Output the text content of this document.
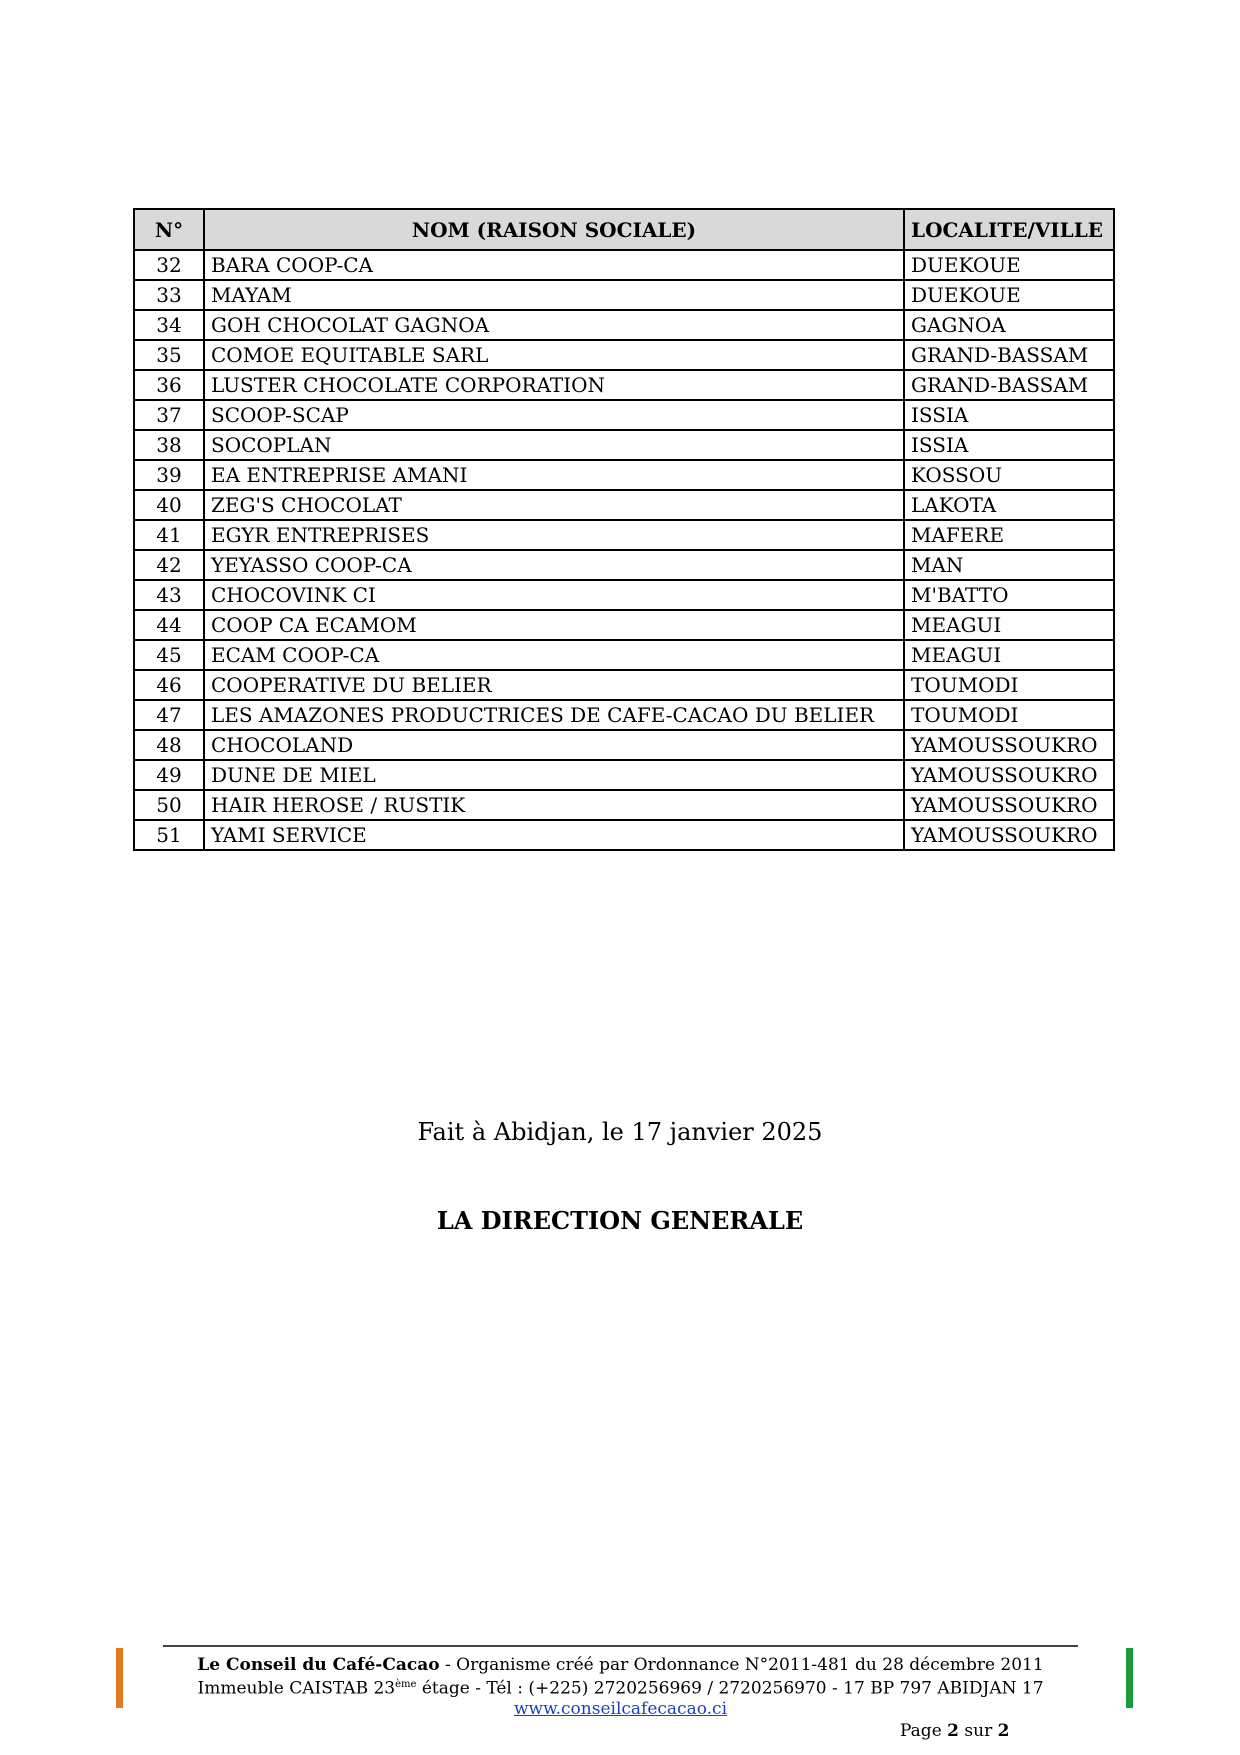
N°	NOM (RAISON SOCIALE)	LOCALITE/VILLE
32	BARA COOP-CA	DUEKOUE
33	MAYAM	DUEKOUE
34	GOH CHOCOLAT GAGNOA	GAGNOA
35	COMOE EQUITABLE SARL	GRAND-BASSAM
36	LUSTER CHOCOLATE CORPORATION	GRAND-BASSAM
37	SCOOP-SCAP	ISSIA
38	SOCOPLAN	ISSIA
39	EA ENTREPRISE AMANI	KOSSOU
40	ZEG'S CHOCOLAT	LAKOTA
41	EGYR ENTREPRISES	MAFERE
42	YEYASSO COOP-CA	MAN
43	CHOCOVINK CI	M'BATTO
44	COOP CA ECAMOM	MEAGUI
45	ECAM COOP-CA	MEAGUI
46	COOPERATIVE DU BELIER	TOUMODI
47	LES AMAZONES PRODUCTRICES DE CAFE-CACAO DU BELIER	TOUMODI
48	CHOCOLAND	YAMOUSSOUKRO
49	DUNE DE MIEL	YAMOUSSOUKRO
50	HAIR HEROSE / RUSTIK	YAMOUSSOUKRO
51	YAMI SERVICE	YAMOUSSOUKRO
Fait à Abidjan, le 17 janvier 2025
LA DIRECTION GENERALE
Le Conseil du Café-Cacao - Organisme créé par Ordonnance N°2011-481 du 28 décembre 2011
Immeuble CAISTAB 23ème étage - Tél : (+225) 2720256969 / 2720256970 - 17 BP 797 ABIDJAN 17
www.conseilcafecacao.ci
Page 2 sur 2
